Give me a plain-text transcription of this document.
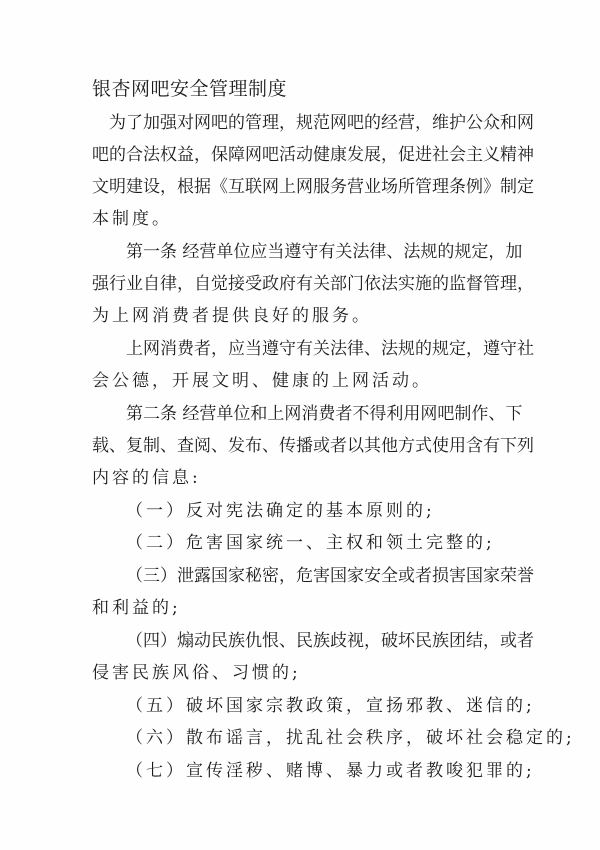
银杏网吧安全管理制度
为 了 加 强 对 网 吧 的 管 理 ， 规 范 网 吧 的 经 营 ， 维 护 公 众 和 网
吧 的 合 法 权 益 ， 保 障 网 吧 活 动 健 康 发 展 ， 促 进 社 会 主 义 精 神
文 明 建 设 ， 根 据 《 互 联 网 上 网 服 务 营 业 场 所 管 理 条 例 》 制 定
本制度。
第 一 条
经 营 单 位 应 当 遵 守 有 关 法 律 、 法 规 的 规 定 ， 加
强 行 业 自 律 ， 自 觉 接 受 政 府 有 关 部 门 依 法 实 施 的 监 督 管 理 ，
为上网消费者提供良好的服务。
上 网 消 费 者 ， 应 当 遵 守 有 关 法 律 、 法 规 的 规 定 ， 遵 守 社
会公德，开展文明、健康的上网活动。
第 二 条
经 营 单 位 和 上 网 消 费 者 不 得 利 用 网 吧 制 作 、 下
载 、 复 制 、 查 阅 、 发 布 、 传 播 或 者 以 其 他 方 式 使 用 含 有 下 列
内容的信息:
（一）反对宪法确定的基本原则的;
（二）危害国家统一、主权和领土完整的;
（ 三 ） 泄 露 国 家 秘 密 ， 危 害 国 家 安 全 或 者 损 害 国 家 荣 誉
和利益的;
（ 四 ） 煽 动 民 族 仇 恨 、 民 族 歧 视 ， 破 坏 民 族 团 结 ， 或 者
侵害民族风俗、习惯的;
（五）破坏国家宗教政策，宣扬邪教、迷信的;
（六）散布谣言，扰乱社会秩序，破坏社会稳定的;
（七）宣传淫秽、赌博、暴力或者教唆犯罪的;
